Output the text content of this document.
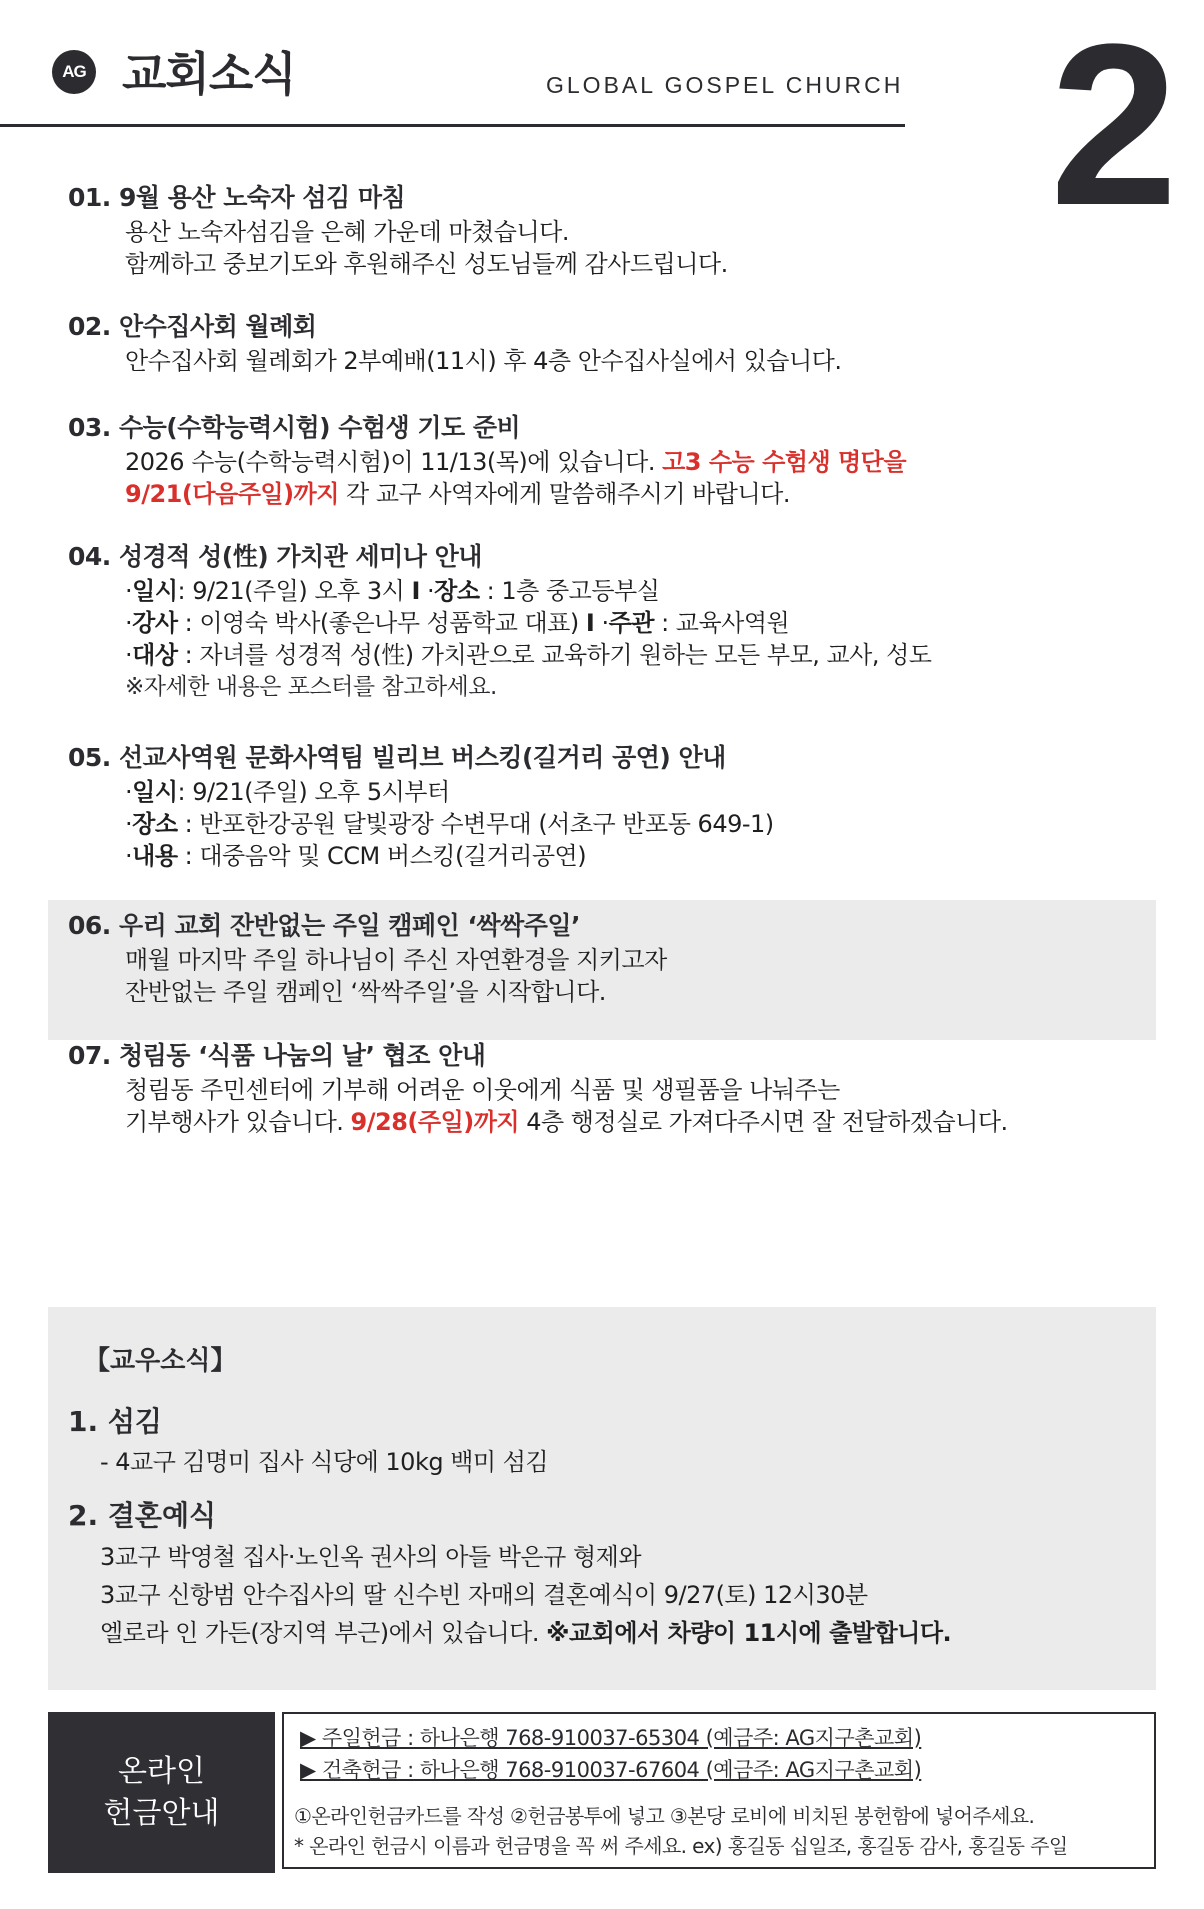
AG 교회소식	GLOBAL GOSPEL CHURCH 2
01. 9월 용산 노숙자 섬김 마침
용산 노숙자섬김을 은혜 가운데 마쳤습니다.
함께하고 중보기도와 후원해주신 성도님들께 감사드립니다.
02. 안수집사회 월례회
안수집사회 월례회가 2부예배(11시) 후 4층 안수집사실에서 있습니다.
03. 수능(수학능력시험) 수험생 기도 준비
2026 수능(수학능력시험)이 11/13(목)에 있습니다. 고3 수능 수험생 명단을
9/21(다음주일)까지 각 교구 사역자에게 말씀해주시기 바랍니다.
04. 성경적 성(性) 가치관 세미나 안내
·일시: 9/21(주일) 오후 3시 Ⅰ ·장소 : 1층 중고등부실
·강사 : 이영숙 박사(좋은나무 성품학교 대표) Ⅰ ·주관 : 교육사역원
·대상 : 자녀를 성경적 성(性) 가치관으로 교육하기 원하는 모든 부모, 교사, 성도
※자세한 내용은 포스터를 참고하세요.
05. 선교사역원 문화사역팀 빌리브 버스킹(길거리 공연) 안내
·일시: 9/21(주일) 오후 5시부터
·장소 : 반포한강공원 달빛광장 수변무대 (서초구 반포동 649-1)
·내용 : 대중음악 및 CCM 버스킹(길거리공연)
06. 우리 교회 잔반없는 주일 캠페인 ‘싹싹주일’
매월 마지막 주일 하나님이 주신 자연환경을 지키고자
잔반없는 주일 캠페인 ‘싹싹주일’을 시작합니다.
07. 청림동 ‘식품 나눔의 날’ 협조 안내
청림동 주민센터에 기부해 어려운 이웃에게 식품 및 생필품을 나눠주는
기부행사가 있습니다. 9/28(주일)까지 4층 행정실로 가져다주시면 잘 전달하겠습니다.
【교우소식】
1. 섬김
- 4교구 김명미 집사 식당에 10kg 백미 섬김
2. 결혼예식
3교구 박영철 집사·노인옥 권사의 아들 박은규 형제와
3교구 신항범 안수집사의 딸 신수빈 자매의 결혼예식이 9/27(토) 12시30분
엘로라 인 가든(장지역 부근)에서 있습니다. ※교회에서 차량이 11시에 출발합니다.
온라인
헌금안내
▶ 주일헌금 : 하나은행 768-910037-65304 (예금주: AG지구촌교회)
▶ 건축헌금 : 하나은행 768-910037-67604 (예금주: AG지구촌교회)
①온라인헌금카드를 작성 ②헌금봉투에 넣고 ③본당 로비에 비치된 봉헌함에 넣어주세요.
* 온라인 헌금시 이름과 헌금명을 꼭 써 주세요. ex) 홍길동 십일조, 홍길동 감사, 홍길동 주일
